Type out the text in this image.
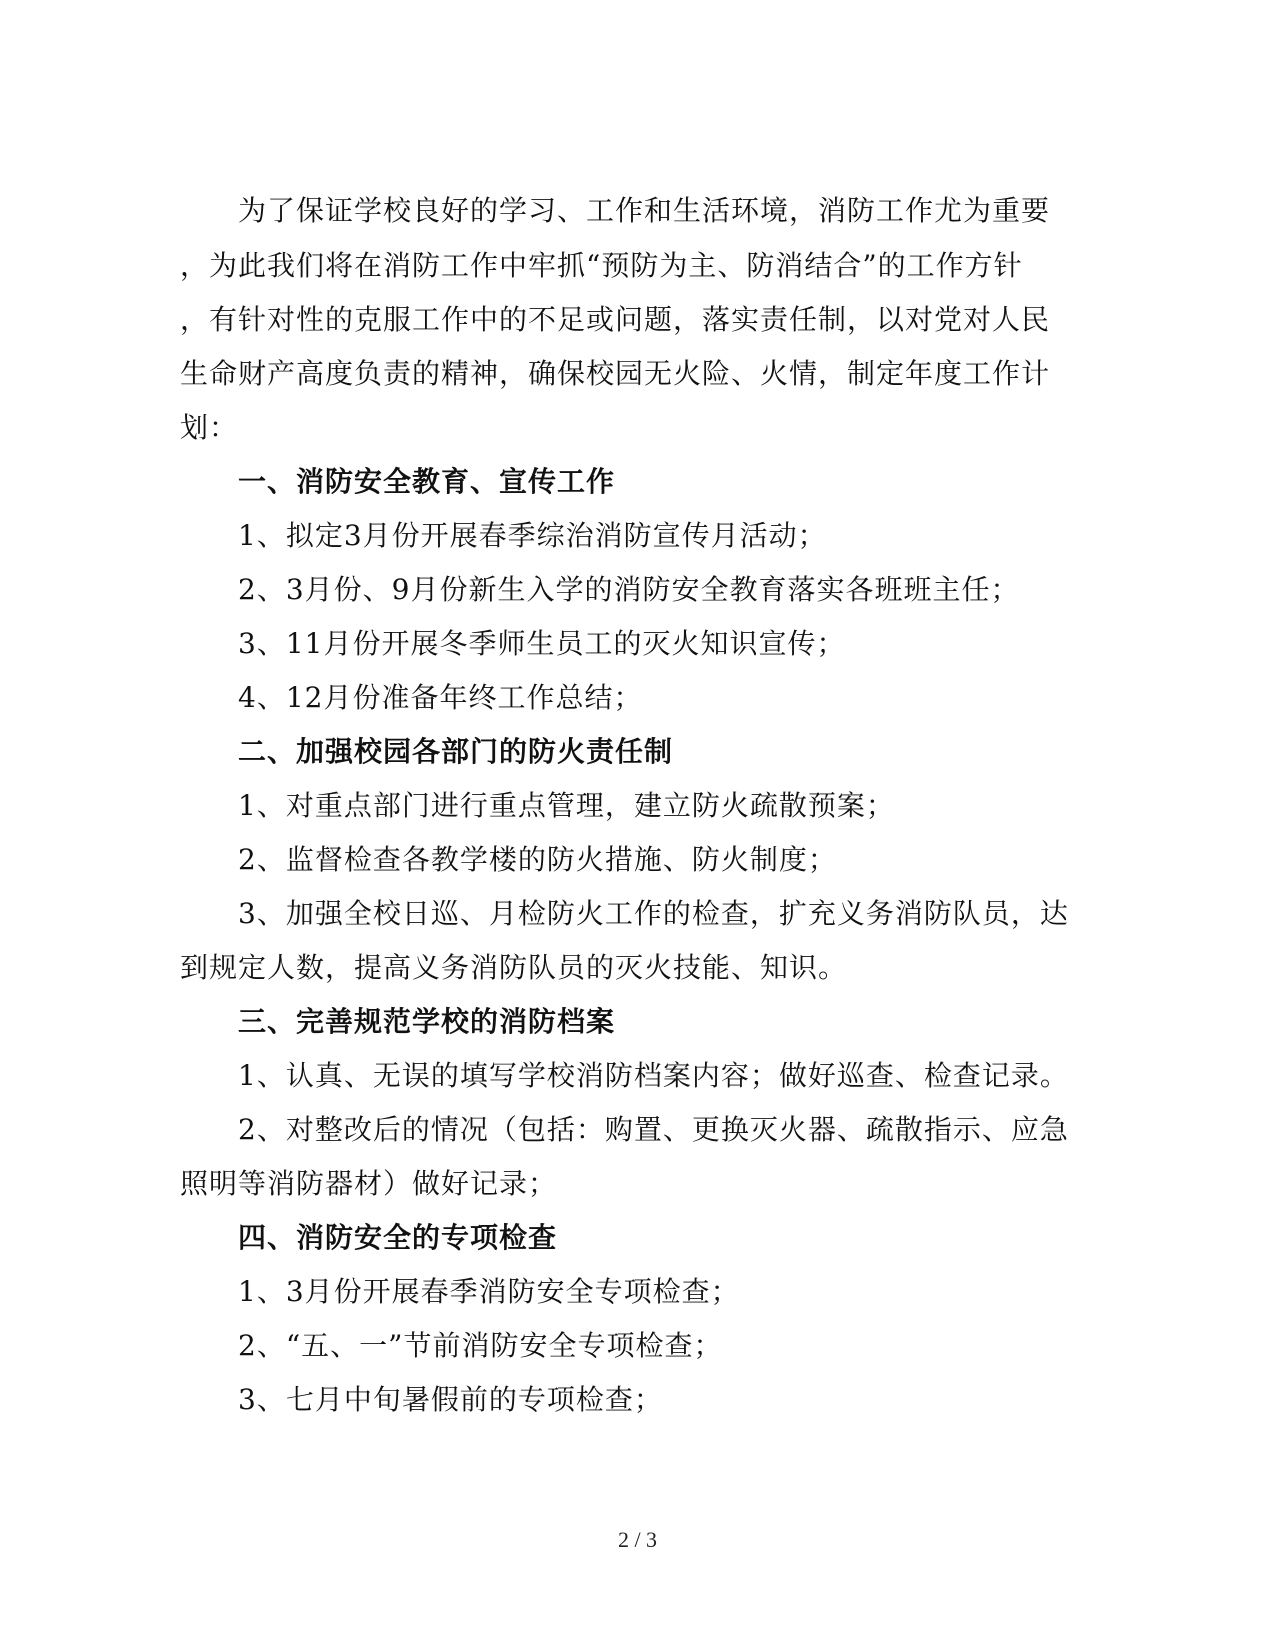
为了保证学校良好的学习、工作和生活环境，消防工作尤为重要
，为此我们将在消防工作中牢抓“预防为主、防消结合”的工作方针
，有针对性的克服工作中的不足或问题，落实责任制，以对党对人民
生命财产高度负责的精神，确保校园无火险、火情，制定年度工作计
划：
一、消防安全教育、宣传工作
1、拟定3月份开展春季综治消防宣传月活动；
2、3月份、9月份新生入学的消防安全教育落实各班班主任；
3、11月份开展冬季师生员工的灭火知识宣传；
4、12月份准备年终工作总结；
二、加强校园各部门的防火责任制
1、对重点部门进行重点管理，建立防火疏散预案；
2、监督检查各教学楼的防火措施、防火制度；
3、加强全校日巡、月检防火工作的检查，扩充义务消防队员，达
到规定人数，提高义务消防队员的灭火技能、知识。
三、完善规范学校的消防档案
1、认真、无误的填写学校消防档案内容；做好巡查、检查记录。
2、对整改后的情况（包括：购置、更换灭火器、疏散指示、应急
照明等消防器材）做好记录；
四、消防安全的专项检查
1、3月份开展春季消防安全专项检查；
2、“五、一”节前消防安全专项检查；
3、七月中旬暑假前的专项检查；
2 / 3
